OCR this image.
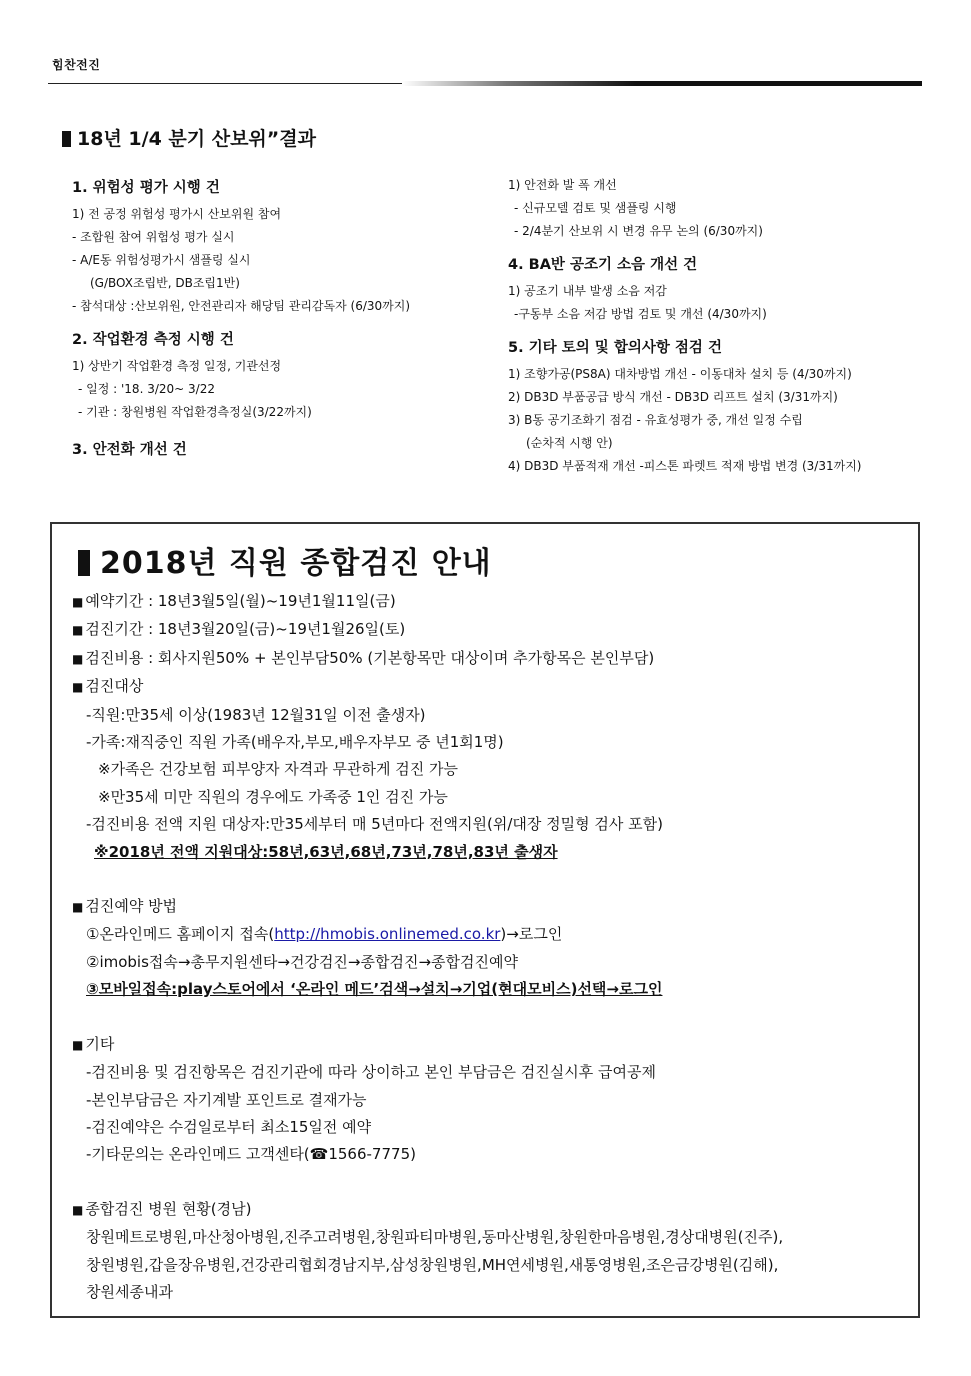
힘찬전진
18년 1/4 분기 산보위”결과
1. 위험성 평가 시행 건
1) 전 공정 위험성 평가시 산보위원 참여
- 조합원 참여 위험성 평가 실시
- A/E동 위험성평가시 샘플링 실시
(G/BOX조립반, DB조립1반)
- 참석대상 :산보위원, 안전관리자 해당팀 관리감독자 (6/30까지)
2. 작업환경 측정 시행 건
1) 상반기 작업환경 측정 일정, 기관선정
- 일정 : '18. 3/20~ 3/22
- 기관 : 창원병원 작업환경측정실(3/22까지)
3. 안전화 개선 건
1) 안전화 발 폭 개선
- 신규모델 검토 및 샘플링 시행
- 2/4분기 산보위 시 변경 유무 논의 (6/30까지)
4. BA반 공조기 소음 개선 건
1) 공조기 내부 발생 소음 저감
-구동부 소음 저감 방법 검토 및 개선 (4/30까지)
5. 기타 토의 및 합의사항 점검 건
1) 조향가공(PS8A) 대차방법 개선 - 이동대차 설치 등 (4/30까지)
2) DB3D 부품공급 방식 개선 - DB3D 리프트 설치 (3/31까지)
3) B동 공기조화기 점검 - 유효성평가 중, 개선 일정 수립
(순차적 시행 안)
4) DB3D 부품적재 개선 -피스톤 파렛트 적재 방법 변경 (3/31까지)
2018년 직원 종합검진 안내
■ 예약기간 : 18년3월5일(월)~19년1월11일(금)
■ 검진기간 : 18년3월20일(금)~19년1월26일(토)
■ 검진비용 : 회사지원50% + 본인부담50% (기본항목만 대상이며 추가항목은 본인부담)
■ 검진대상
-직원:만35세 이상(1983년 12월31일 이전 출생자)
-가족:재직중인 직원 가족(배우자,부모,배우자부모 중 년1회1명)
※가족은 건강보험 피부양자 자격과 무관하게 검진 가능
※만35세 미만 직원의 경우에도 가족중 1인 검진 가능
-검진비용 전액 지원 대상자:만35세부터 매 5년마다 전액지원(위/대장 정밀형 검사 포함)
※2018년 전액 지원대상:58년,63년,68년,73년,78년,83년 출생자
■ 검진예약 방법
①온라인메드 홈페이지 접속(http://hmobis.onlinemed.co.kr)→로그인
②imobis접속→총무지원센타→건강검진→종합검진→종합검진예약
③모바일접속:play스토어에서 ‘온라인 메드’검색→설치→기업(현대모비스)선택→로그인
■ 기타
-검진비용 및 검진항목은 검진기관에 따라 상이하고 본인 부담금은 검진실시후 급여공제
-본인부담금은 자기계발 포인트로 결재가능
-검진예약은 수검일로부터 최소15일전 예약
-기타문의는 온라인메드 고객센타(☎1566-7775)
■ 종합검진 병원 현황(경남)
창원메트로병원,마산청아병원,진주고려병원,창원파티마병원,동마산병원,창원한마음병원,경상대병원(진주),
창원병원,갑을장유병원,건강관리협회경남지부,삼성창원병원,MH연세병원,새통영병원,조은금강병원(김해),
창원세종내과
